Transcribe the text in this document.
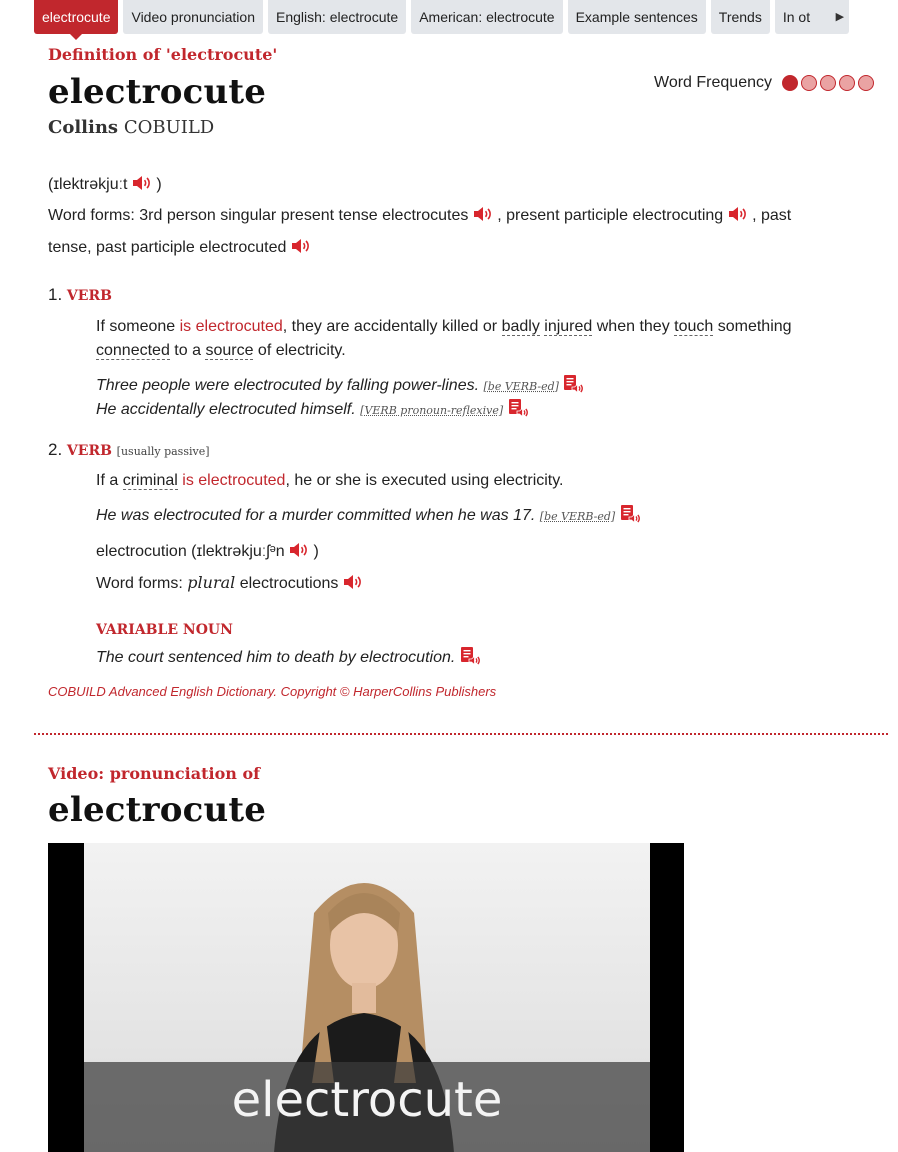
electrocute	Video pronunciation	English: electrocute	American: electrocute	Example sentences	Trends	In ot	▶
Definition of 'electrocute'
electrocute
Collins COBUILD
Word Frequency
(ɪlektrəkjuːt )
Word forms: 3rd person singular present tense electrocutes , present participle electrocuting , past
tense, past participle electrocuted
1. VERB
If someone is electrocuted, they are accidentally killed or badly injured when they touch something
connected to a source of electricity.
Three people were electrocuted by falling power-lines. [be VERB-ed]
He accidentally electrocuted himself. [VERB pronoun-reflexive]
2. VERB [usually passive]
If a criminal is electrocuted, he or she is executed using electricity.
He was electrocuted for a murder committed when he was 17. [be VERB-ed]
electrocution (ɪlektrəkjuːʃᵊn )
Word forms: plural electrocutions
VARIABLE NOUN
The court sentenced him to death by electrocution.
COBUILD Advanced English Dictionary. Copyright © HarperCollins Publishers
Video: pronunciation of
electrocute
electrocute
